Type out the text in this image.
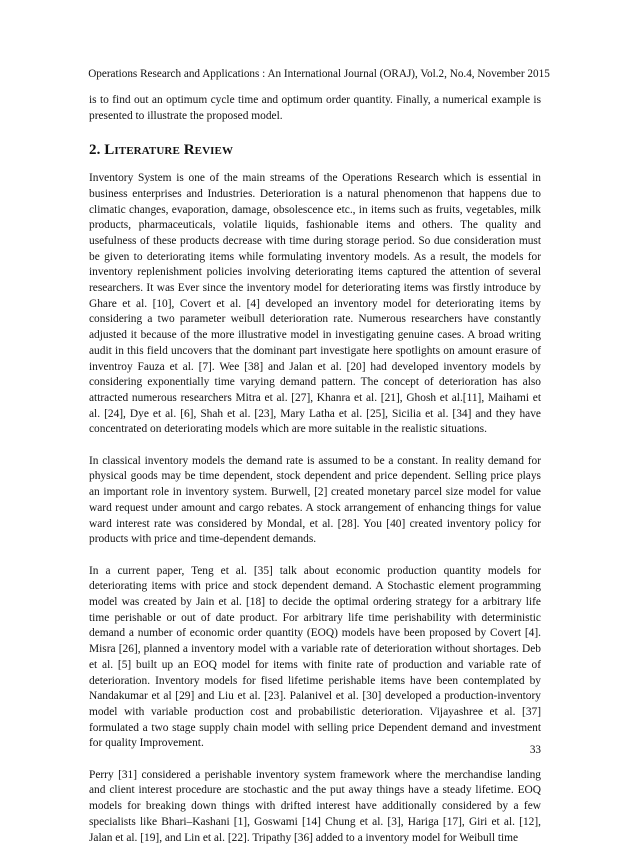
Operations Research and Applications : An International Journal (ORAJ), Vol.2, No.4, November 2015

is to find out an optimum cycle time and optimum order quantity. Finally, a numerical example is presented to illustrate the proposed model.

2. Literature Review

Inventory System is one of the main streams of the Operations Research which is essential in business enterprises and Industries. Deterioration is a natural phenomenon that happens due to climatic changes, evaporation, damage, obsolescence etc., in items such as fruits, vegetables, milk products, pharmaceuticals, volatile liquids, fashionable items and others. The quality and usefulness of these products decrease with time during storage period. So due consideration must be given to deteriorating items while formulating inventory models. As a result, the models for inventory replenishment policies involving deteriorating items captured the attention of several researchers. It was Ever since the inventory model for deteriorating items was firstly introduce by Ghare et al. [10], Covert et al. [4] developed an inventory model for deteriorating items by considering a two parameter weibull deterioration rate. Numerous researchers have constantly adjusted it because of the more illustrative model in investigating genuine cases. A broad writing audit in this field uncovers that the dominant part investigate here spotlights on amount erasure of inventroy Fauza et al. [7]. Wee [38] and Jalan et al. [20] had developed inventory models by considering exponentially time varying demand pattern. The concept of deterioration has also attracted numerous researchers Mitra et al. [27], Khanra et al. [21], Ghosh et al.[11], Maihami et al. [24], Dye et al. [6], Shah et al. [23], Mary Latha et al. [25], Sicilia et al. [34] and they have concentrated on deteriorating models which are more suitable in the realistic situations.

In classical inventory models the demand rate is assumed to be a constant. In reality demand for physical goods may be time dependent, stock dependent and price dependent. Selling price plays an important role in inventory system. Burwell, [2] created monetary parcel size model for value ward request under amount and cargo rebates. A stock arrangement of enhancing things for value ward interest rate was considered by Mondal, et al. [28]. You [40] created inventory policy for products with price and time-dependent demands.

In a current paper, Teng et al. [35] talk about economic production quantity models for deteriorating items with price and stock dependent demand. A Stochastic element programming model was created by Jain et al. [18] to decide the optimal ordering strategy for a arbitrary life time perishable or out of date product. For arbitrary life time perishability with deterministic demand a number of economic order quantity (EOQ) models have been proposed by Covert [4]. Misra [26], planned a inventory model with a variable rate of deterioration without shortages. Deb et al. [5] built up an EOQ model for items with finite rate of production and variable rate of deterioration. Inventory models for fised lifetime perishable items have been contemplated by Nandakumar et al [29] and Liu et al. [23]. Palanivel et al. [30] developed a production-inventory model with variable production cost and probabilistic deterioration. Vijayashree et al. [37] formulated a two stage supply chain model with selling price Dependent demand and investment for quality Improvement.

Perry [31] considered a perishable inventory system framework where the merchandise landing and client interest procedure are stochastic and the put away things have a steady lifetime. EOQ models for breaking down things with drifted interest have additionally considered by a few specialists like Bhari–Kashani [1], Goswami [14] Chung et al. [3], Hariga [17], Giri et al. [12], Jalan et al. [19], and Lin et al. [22]. Tripathy [36] added to a inventory model for Weibull time

33
